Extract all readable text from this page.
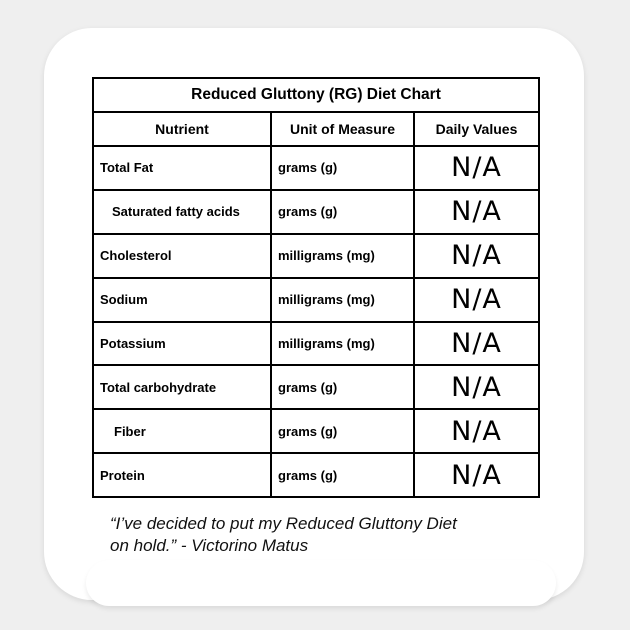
Reduced Gluttony (RG) Diet Chart		
Nutrient	Unit of Measure	Daily Values
Total Fat	grams (g)	N/A
Saturated fatty acids	grams (g)	N/A
Cholesterol	milligrams (mg)	N/A
Sodium	milligrams (mg)	N/A
Potassium	milligrams (mg)	N/A
Total carbohydrate	grams (g)	N/A
Fiber	grams (g)	N/A
Protein	grams (g)	N/A
“I’ve decided to put my Reduced Gluttony Diet
on hold.” - Victorino Matus
